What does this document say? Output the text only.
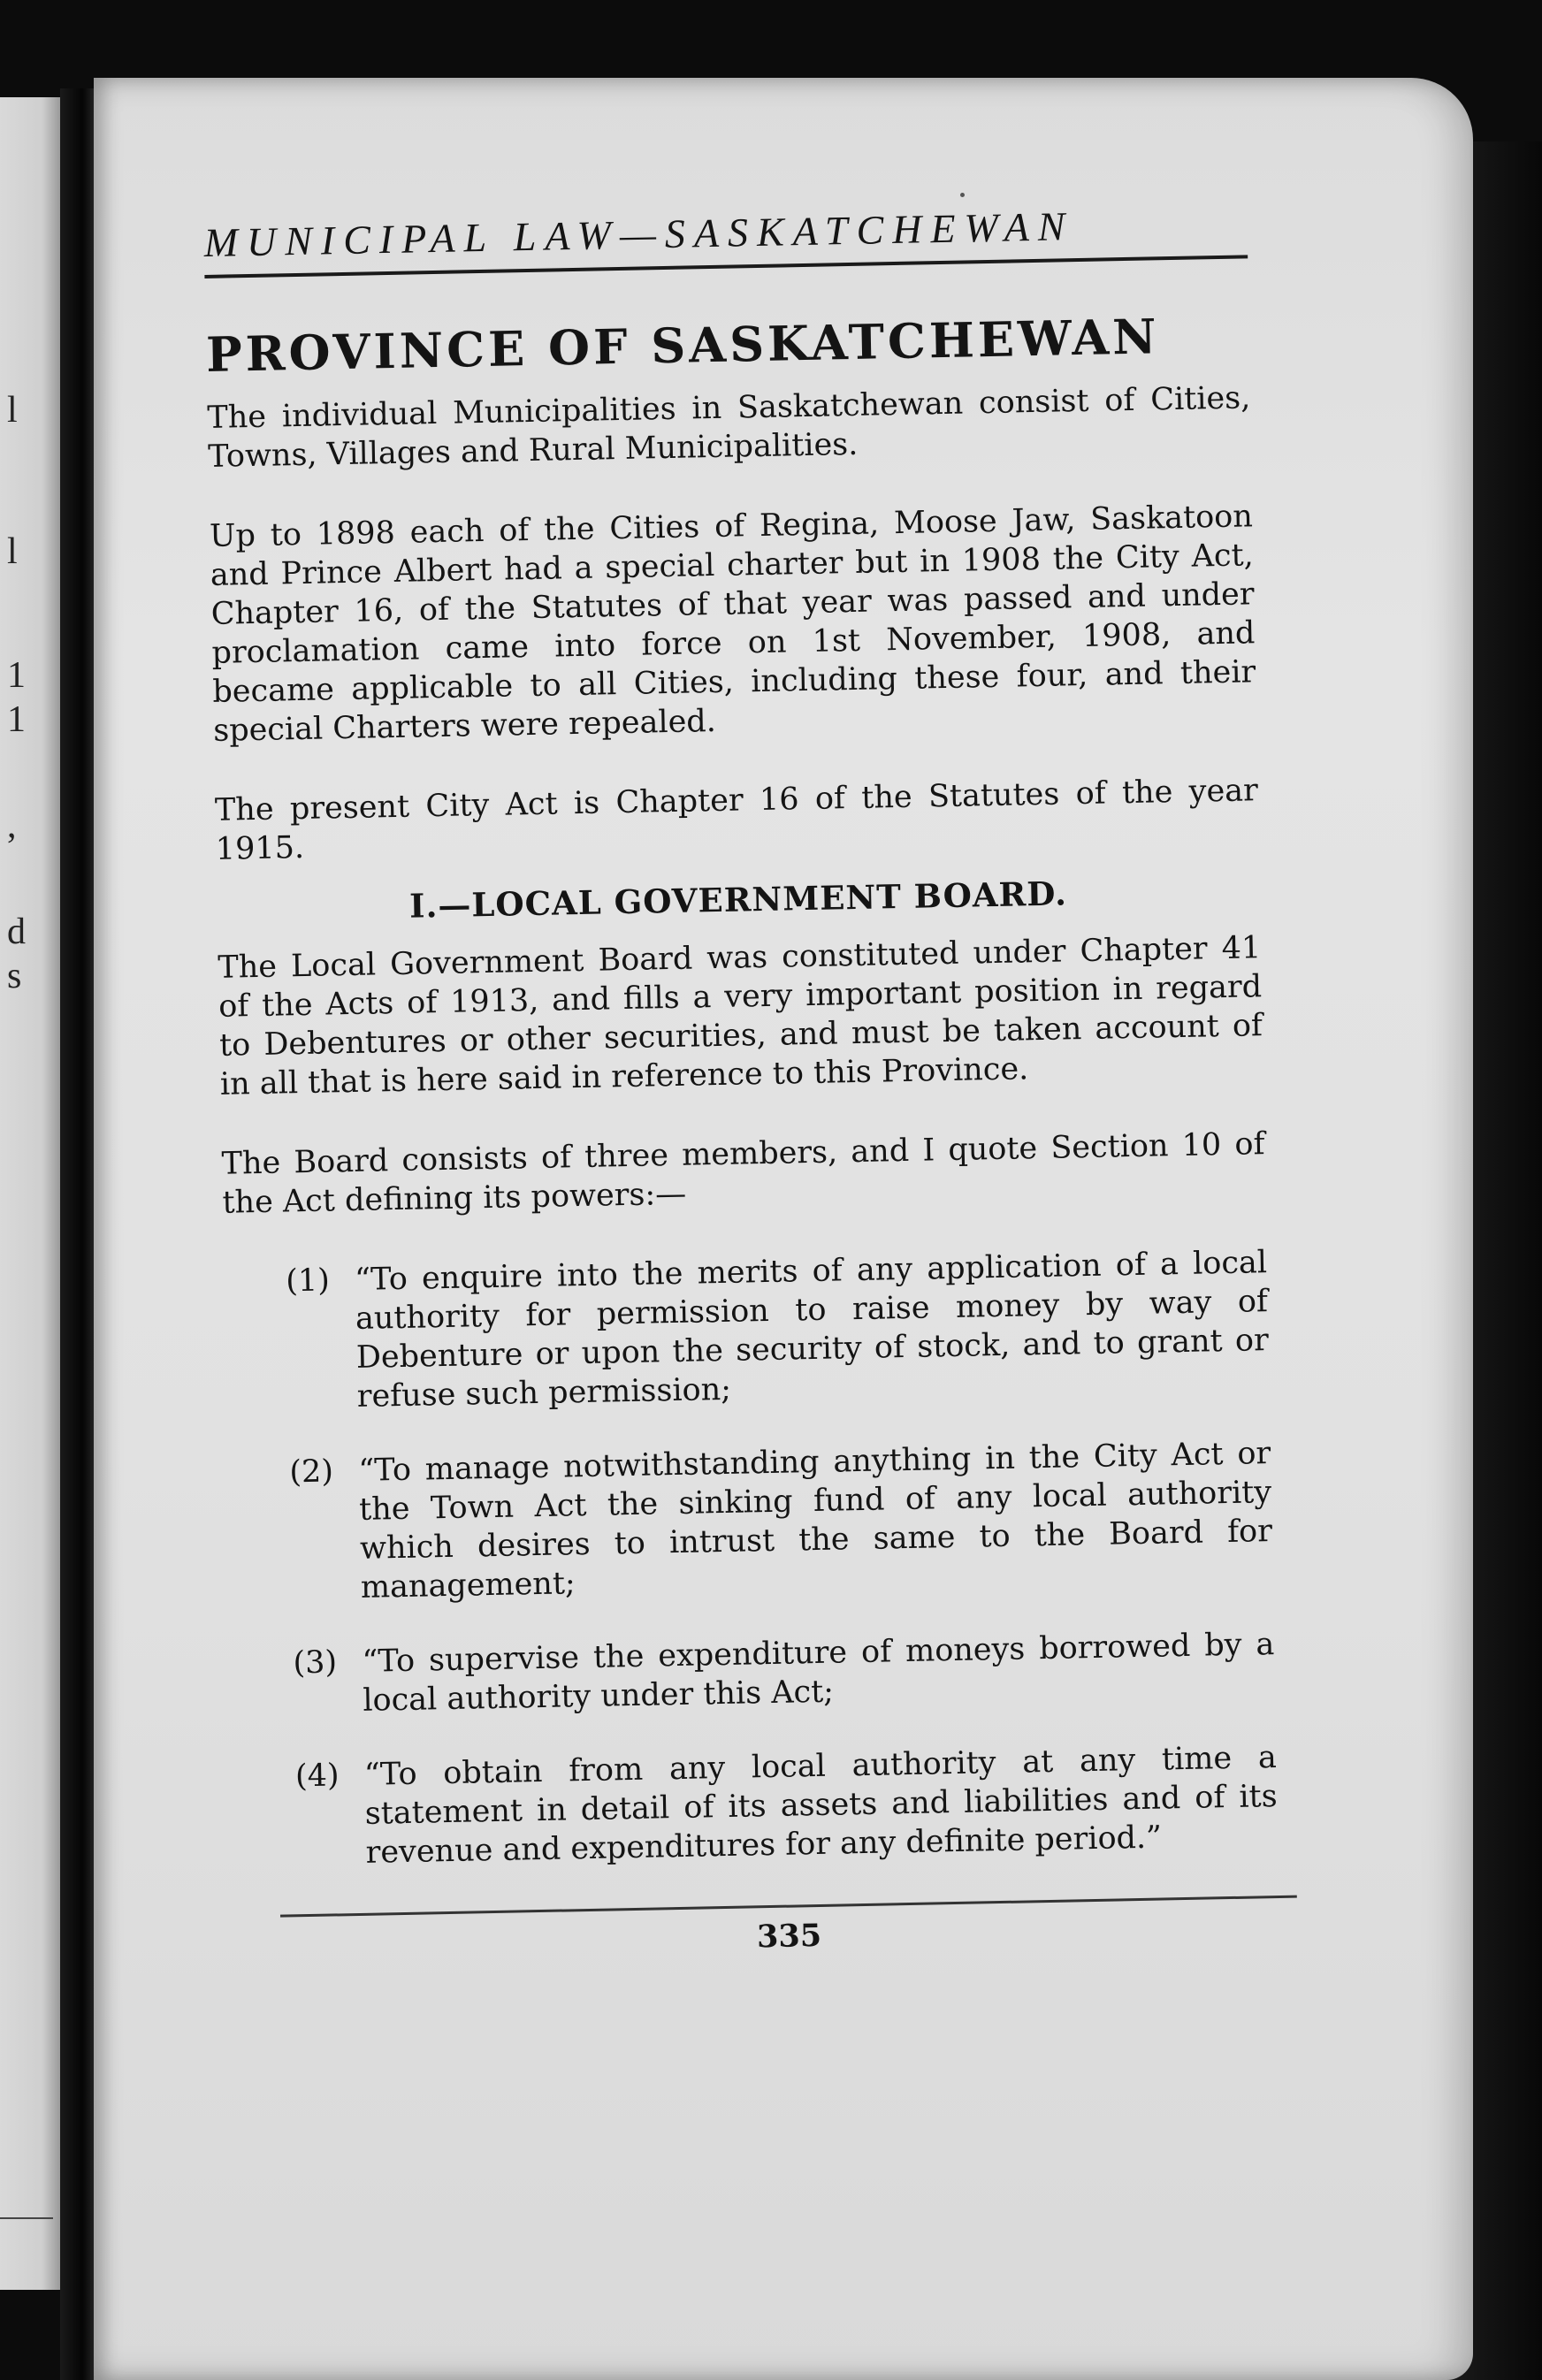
l
l
1
1
,
d
s
MUNICIPAL LAW—SASKATCHEWAN
PROVINCE OF SASKATCHEWAN

The individual Municipalities in Saskatchewan consist of Cities, Towns, Villages and Rural Municipalities.

Up to 1898 each of the Cities of Regina, Moose Jaw, Saskatoon and Prince Albert had a special charter but in 1908 the City Act, Chapter 16, of the Statutes of that year was passed and under proclamation came into force on 1st November, 1908, and became applicable to all Cities, including these four, and their special Charters were repealed.

The present City Act is Chapter 16 of the Statutes of the year 1915.

I.—LOCAL GOVERNMENT BOARD.

The Local Government Board was constituted under Chapter 41 of the Acts of 1913, and fills a very important position in regard to Debentures or other securities, and must be taken account of in all that is here said in reference to this Province.

The Board consists of three members, and I quote Section 10 of the Act defining its powers:—

(1) “To enquire into the merits of any application of a local authority for permission to raise money by way of Debenture or upon the security of stock, and to grant or refuse such permission;
(2) “To manage notwithstanding anything in the City Act or the Town Act the sinking fund of any local authority which desires to intrust the same to the Board for management;
(3) “To supervise the expenditure of moneys borrowed by a local authority under this Act;
(4) “To obtain from any local authority at any time a statement in detail of its assets and liabilities and of its revenue and expenditures for any definite period.”
335
